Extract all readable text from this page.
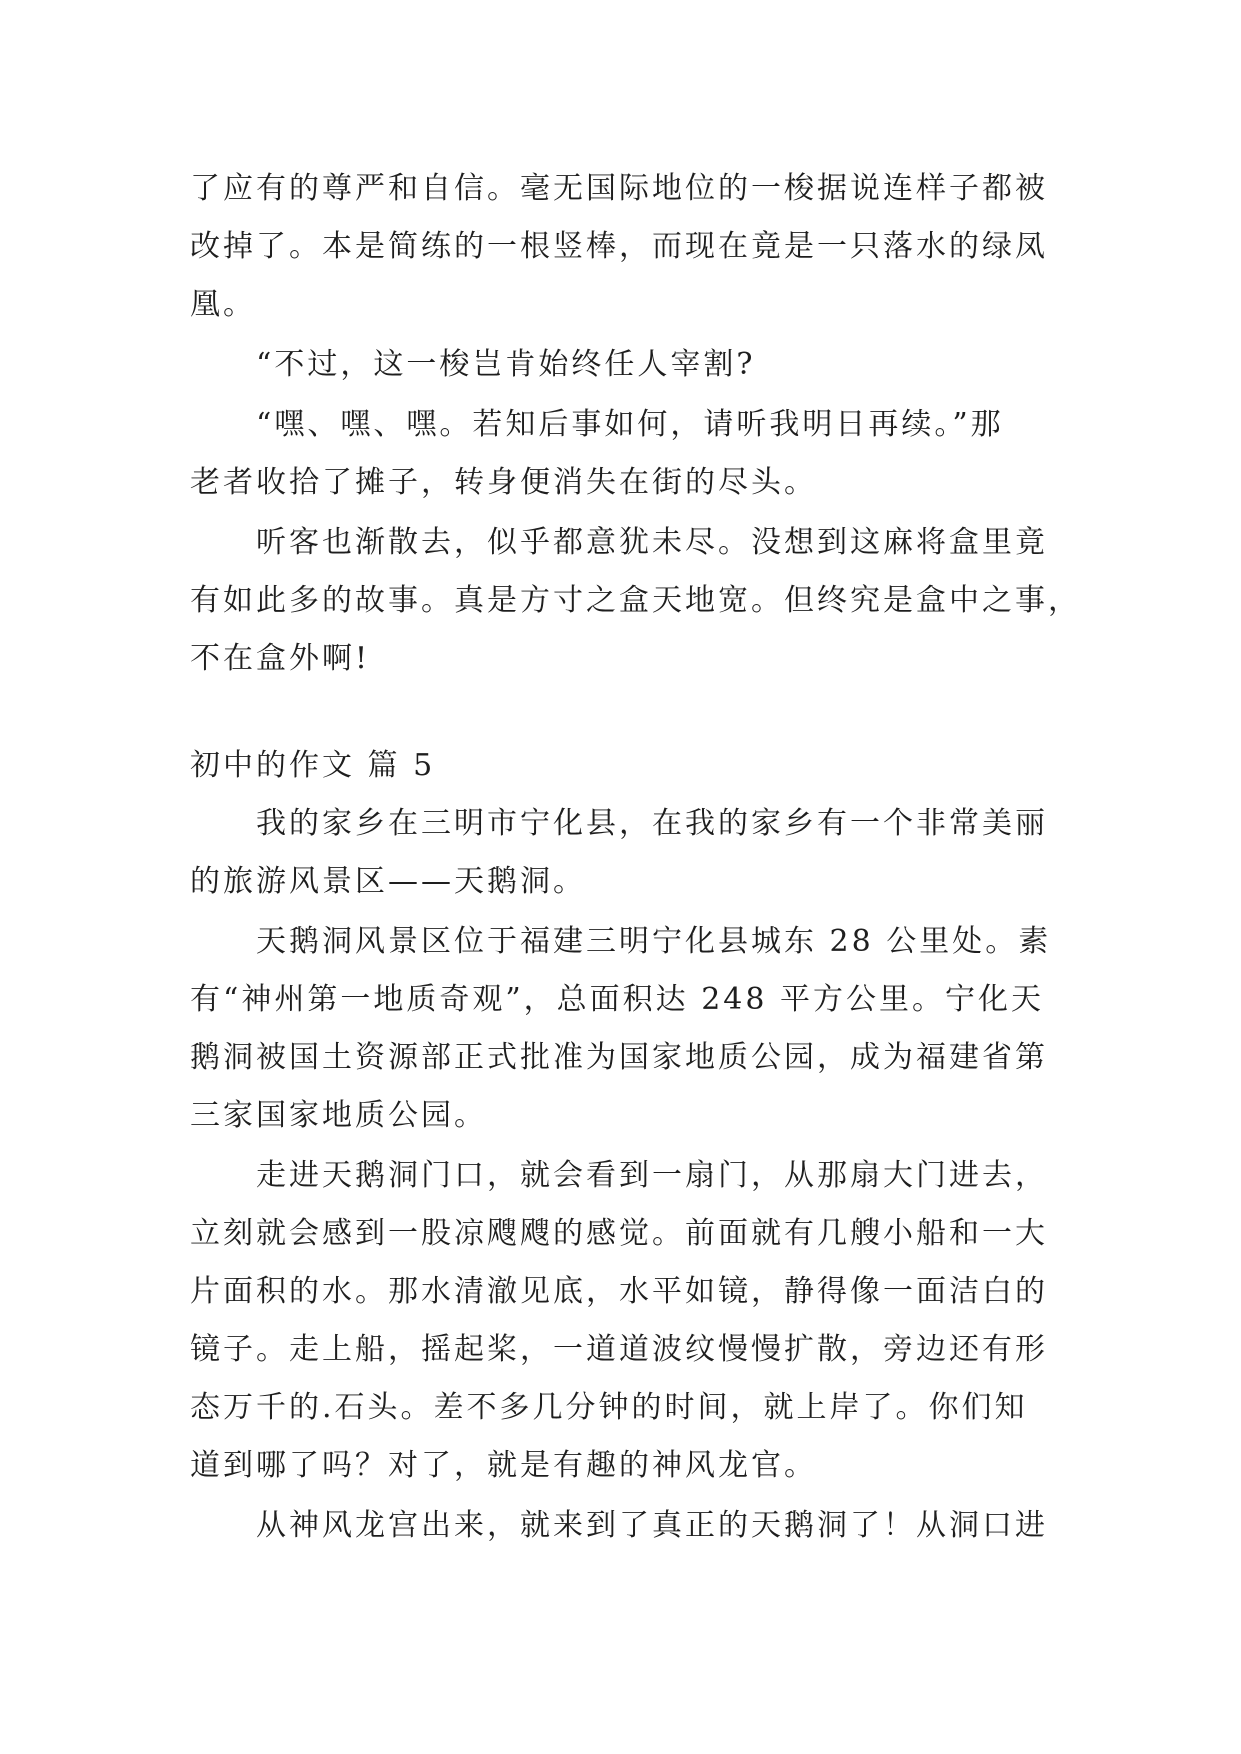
了应有的尊严和自信。毫无国际地位的一梭据说连样子都被
改掉了。本是简练的一根竖棒，而现在竟是一只落水的绿凤
凰。
“不过，这一梭岂肯始终任人宰割?
“嘿、嘿、嘿。若知后事如何，请听我明日再续。”那
老者收拾了摊子，转身便消失在街的尽头。
听客也渐散去，似乎都意犹未尽。没想到这麻将盒里竟
有如此多的故事。真是方寸之盒天地宽。但终究是盒中之事，
不在盒外啊!
初中的作文 篇 5
我的家乡在三明市宁化县，在我的家乡有一个非常美丽
的旅游风景区——天鹅洞。
天鹅洞风景区位于福建三明宁化县城东 28 公里处。素
有“神州第一地质奇观”，总面积达 248 平方公里。宁化天
鹅洞被国土资源部正式批准为国家地质公园，成为福建省第
三家国家地质公园。
走进天鹅洞门口，就会看到一扇门，从那扇大门进去，
立刻就会感到一股凉飕飕的感觉。前面就有几艘小船和一大
片面积的水。那水清澈见底，水平如镜，静得像一面洁白的
镜子。走上船，摇起桨，一道道波纹慢慢扩散，旁边还有形
态万千的.石头。差不多几分钟的时间，就上岸了。你们知
道到哪了吗？对了，就是有趣的神风龙官。
从神风龙宫出来，就来到了真正的天鹅洞了！从洞口进
